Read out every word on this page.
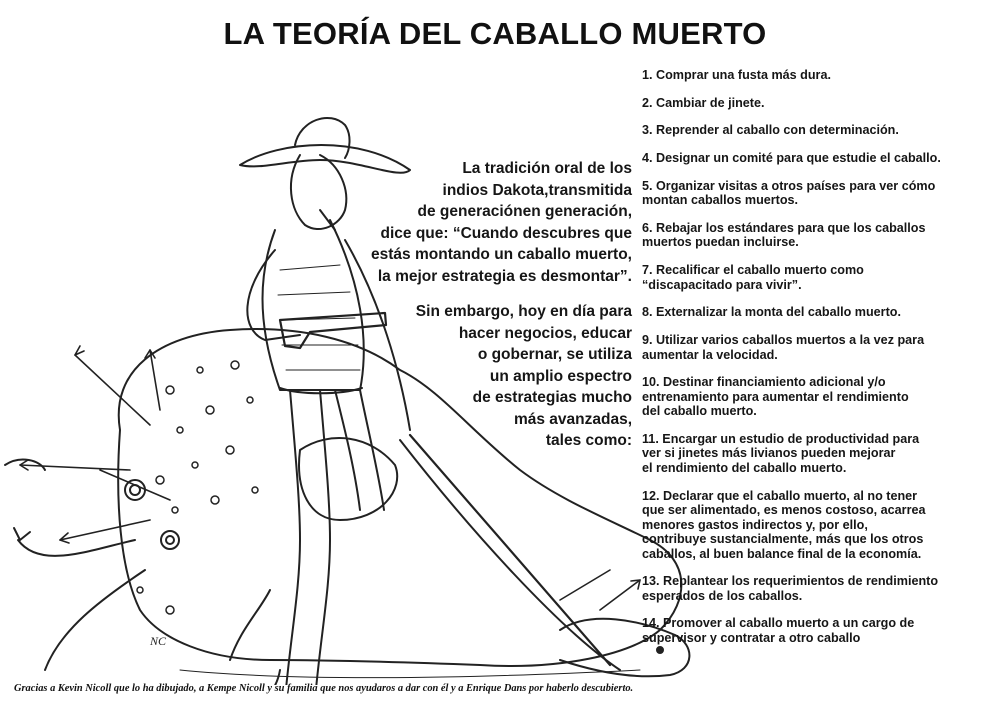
LA TEORÍA DEL CABALLO MUERTO
NC

La tradición oral de los
indios Dakota,transmitida
de generaciónen generación,
dice que: “Cuando descubres que
estás montando un caballo muerto,
la mejor estrategia es desmontar”.

Sin embargo, hoy en día para
hacer negocios, educar
o gobernar, se utiliza
un amplio espectro
de estrategias mucho
más avanzadas,
tales como:

1. Comprar una fusta más dura.
2. Cambiar de jinete.
3. Reprender al caballo con determinación.
4. Designar un comité para que estudie el caballo.
5. Organizar visitas a otros países para ver cómo
montan caballos muertos.
6. Rebajar los estándares para que los caballos
muertos puedan incluirse.
7. Recalificar el caballo muerto como
“discapacitado para vivir”.
8. Externalizar la monta del caballo muerto.
9. Utilizar varios caballos muertos a la vez para
aumentar la velocidad.
10. Destinar financiamiento adicional y/o
entrenamiento para aumentar el rendimiento
del caballo muerto.
11. Encargar un estudio de productividad para
ver si jinetes más livianos pueden mejorar
el rendimiento del caballo muerto.
12. Declarar que el caballo muerto, al no tener
que ser alimentado, es menos costoso, acarrea
menores gastos indirectos y, por ello,
contribuye sustancialmente, más que los otros
caballos, al buen balance final de la economía.
13. Replantear los requerimientos de rendimiento
esperados de los caballos.
14. Promover al caballo muerto a un cargo de
supervisor y contratar a otro caballo
Gracias a Kevin Nicoll que lo ha dibujado, a Kempe Nicoll y su familia que nos ayudaros a dar con él y a Enrique Dans por haberlo descubierto.
